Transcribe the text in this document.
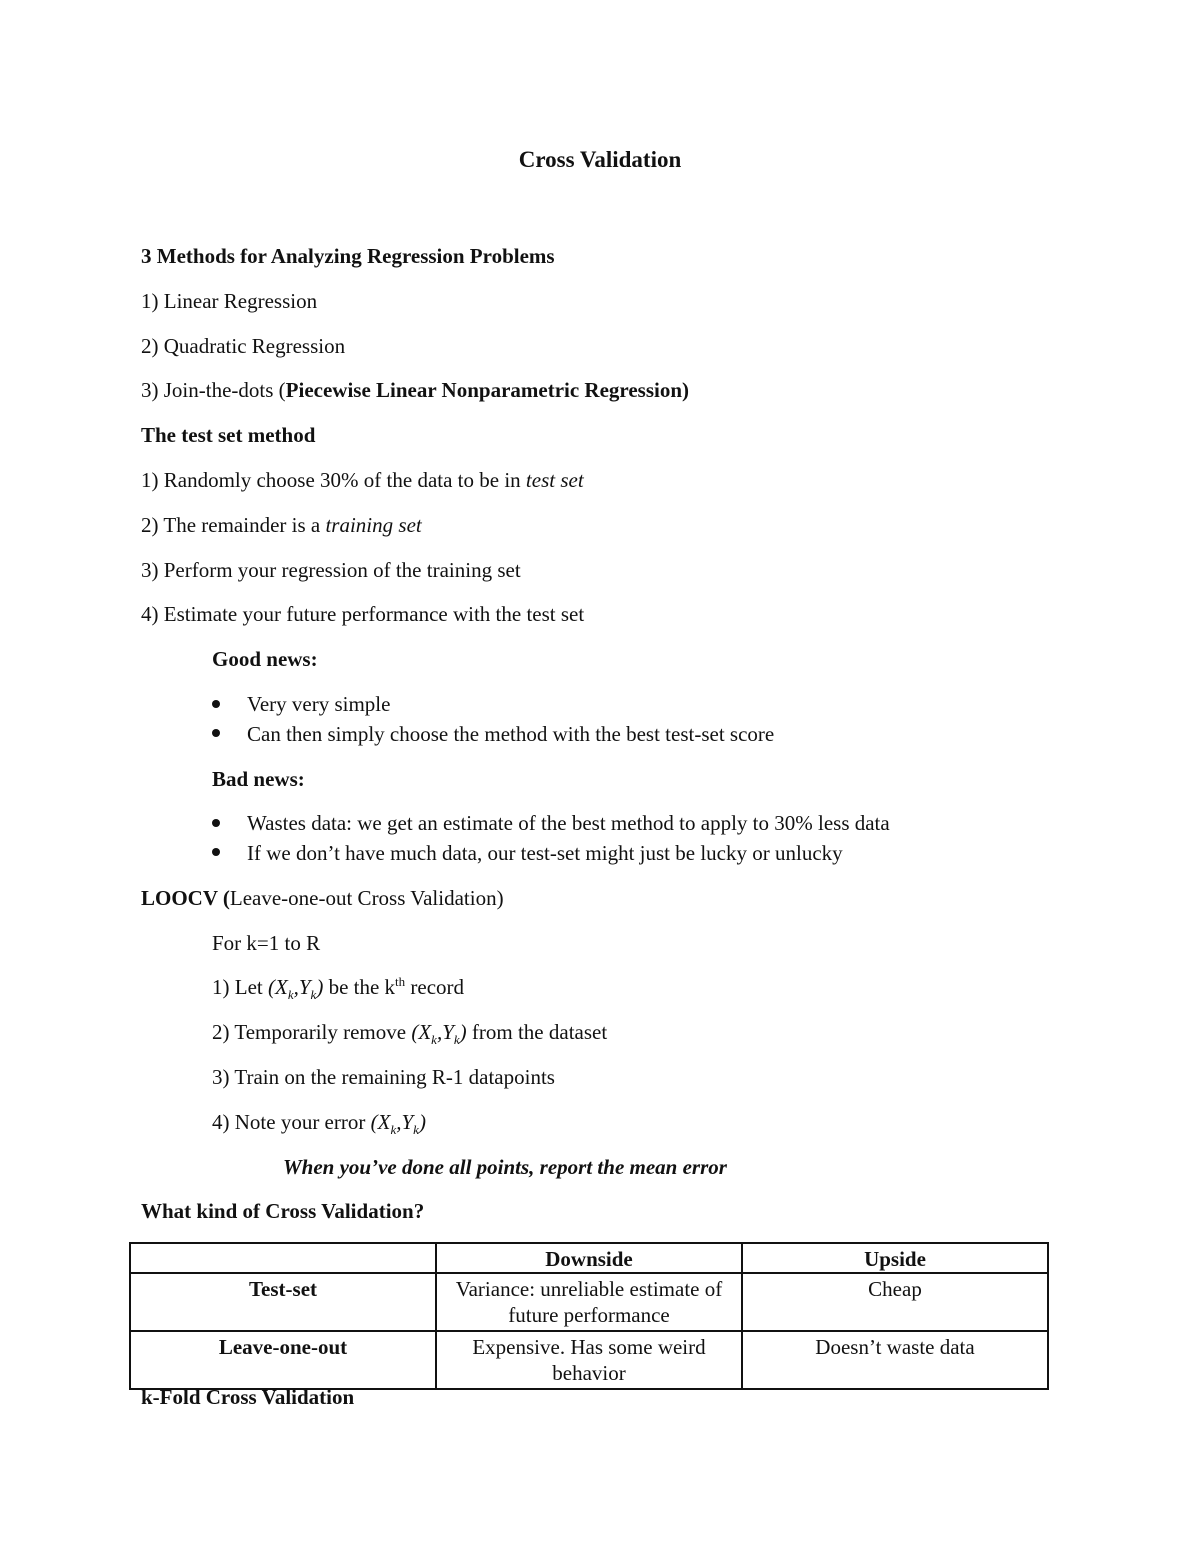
Cross Validation
3 Methods for Analyzing Regression Problems
1) Linear Regression
2) Quadratic Regression
3) Join-the-dots (Piecewise Linear Nonparametric Regression)
The test set method
1) Randomly choose 30% of the data to be in test set
2) The remainder is a training set
3) Perform your regression of the training set
4) Estimate your future performance with the test set
Good news:
Very very simple
Can then simply choose the method with the best test-set score
Bad news:
Wastes data: we get an estimate of the best method to apply to 30% less data
If we don’t have much data, our test-set might just be lucky or unlucky
LOOCV (Leave-one-out Cross Validation)
For k=1 to R
1) Let $(X_k,Y_k)$ be the $k^{th}$ record
2) Temporarily remove $(X_k,Y_k)$ from the dataset
3) Train on the remaining R-1 datapoints
4) Note your error $(X_k,Y_k)$
When you’ve done all points, report the mean error
What kind of Cross Validation?
	Downside	Upside
Test-set	Variance: unreliable estimate of future performance	Cheap
Leave-one-out	Expensive. Has some weird behavior	Doesn’t waste data
k-Fold Cross Validation
